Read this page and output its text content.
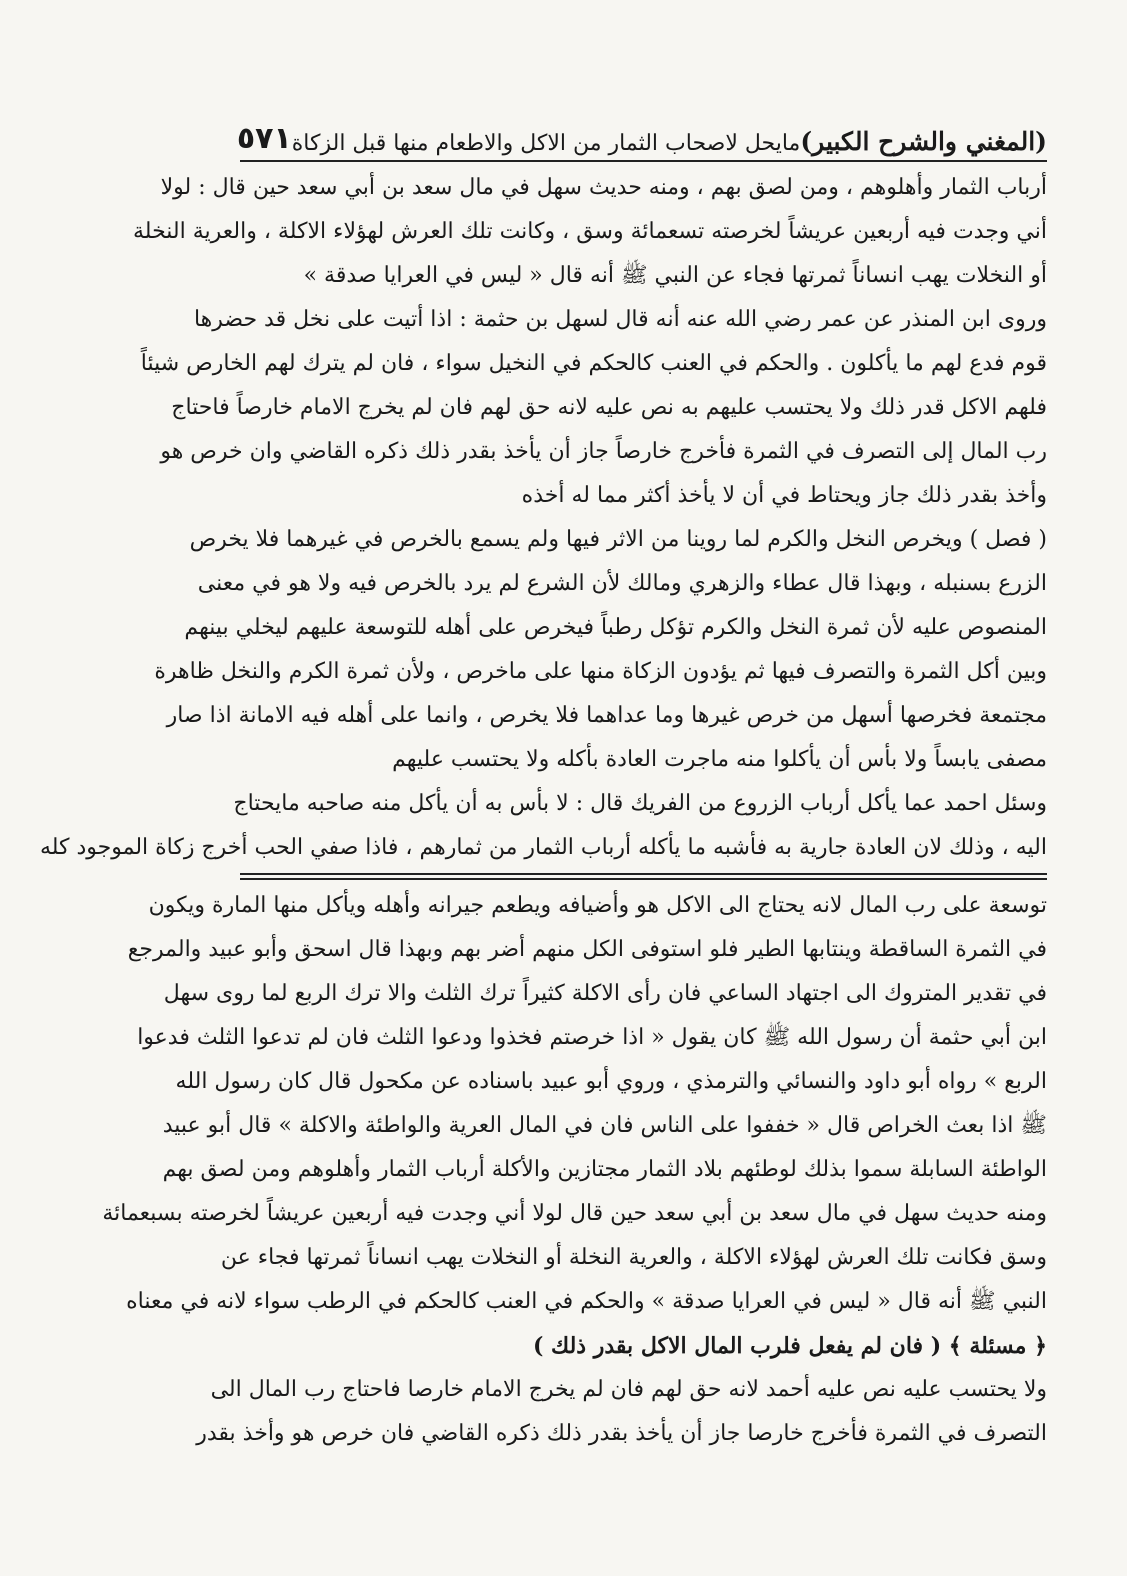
(المغني والشرح الكبير)
مايحل لاصحاب الثمار من الاكل والاطعام منها قبل الزكاة
٥٧١
أرباب الثمار وأهلوهم ، ومن لصق بهم ، ومنه حديث سهل في مال سعد بن أبي سعد حين قال : لولا
أني وجدت فيه أربعين عريشاً لخرصته تسعمائة وسق ، وكانت تلك العرش لهؤلاء الاكلة ، والعرية النخلة
أو النخلات يهب انساناً ثمرتها فجاء عن النبي ﷺ أنه قال « ليس في العرايا صدقة »
وروى ابن المنذر عن عمر رضي الله عنه أنه قال لسهل بن حثمة : اذا أتيت على نخل قد حضرها
قوم فدع لهم ما يأكلون . والحكم في العنب كالحكم في النخيل سواء ، فان لم يترك لهم الخارص شيئاً
فلهم الاكل قدر ذلك ولا يحتسب عليهم به نص عليه لانه حق لهم فان لم يخرج الامام خارصاً فاحتاج
رب المال إلى التصرف في الثمرة فأخرج خارصاً جاز أن يأخذ بقدر ذلك ذكره القاضي وان خرص هو
وأخذ بقدر ذلك جاز ويحتاط في أن لا يأخذ أكثر مما له أخذه
( فصل ) ويخرص النخل والكرم لما روينا من الاثر فيها ولم يسمع بالخرص في غيرهما فلا يخرص
الزرع بسنبله ، وبهذا قال عطاء والزهري ومالك لأن الشرع لم يرد بالخرص فيه ولا هو في معنى
المنصوص عليه لأن ثمرة النخل والكرم تؤكل رطباً فيخرص على أهله للتوسعة عليهم ليخلي بينهم
وبين أكل الثمرة والتصرف فيها ثم يؤدون الزكاة منها على ماخرص ، ولأن ثمرة الكرم والنخل ظاهرة
مجتمعة فخرصها أسهل من خرص غيرها وما عداهما فلا يخرص ، وانما على أهله فيه الامانة اذا صار
مصفى يابساً ولا بأس أن يأكلوا منه ماجرت العادة بأكله ولا يحتسب عليهم
وسئل احمد عما يأكل أرباب الزروع من الفريك قال : لا بأس به أن يأكل منه صاحبه مايحتاج
اليه ، وذلك لان العادة جارية به فأشبه ما يأكله أرباب الثمار من ثمارهم ، فاذا صفي الحب أخرج زكاة الموجود كله
توسعة على رب المال لانه يحتاج الى الاكل هو وأضيافه ويطعم جيرانه وأهله ويأكل منها المارة ويكون
في الثمرة الساقطة وينتابها الطير فلو استوفى الكل منهم أضر بهم وبهذا قال اسحق وأبو عبيد والمرجع
في تقدير المتروك الى اجتهاد الساعي فان رأى الاكلة كثيراً ترك الثلث والا ترك الربع لما روى سهل
ابن أبي حثمة أن رسول الله ﷺ كان يقول « اذا خرصتم فخذوا ودعوا الثلث فان لم تدعوا الثلث فدعوا
الربع » رواه أبو داود والنسائي والترمذي ، وروي أبو عبيد باسناده عن مكحول قال كان رسول الله
ﷺ اذا بعث الخراص قال « خففوا على الناس فان في المال العرية والواطئة والاكلة » قال أبو عبيد
الواطئة السابلة سموا بذلك لوطئهم بلاد الثمار مجتازين والأكلة أرباب الثمار وأهلوهم ومن لصق بهم
ومنه حديث سهل في مال سعد بن أبي سعد حين قال لولا أني وجدت فيه أربعين عريشاً لخرصته بسبعمائة
وسق فكانت تلك العرش لهؤلاء الاكلة ، والعرية النخلة أو النخلات يهب انساناً ثمرتها فجاء عن
النبي ﷺ أنه قال « ليس في العرايا صدقة » والحكم في العنب كالحكم في الرطب سواء لانه في معناه
﴿ مسئلة ﴾ ( فان لم يفعل فلرب المال الاكل بقدر ذلك )
ولا يحتسب عليه نص عليه أحمد لانه حق لهم فان لم يخرج الامام خارصا فاحتاج رب المال الى
التصرف في الثمرة فأخرج خارصا جاز أن يأخذ بقدر ذلك ذكره القاضي فان خرص هو وأخذ بقدر
